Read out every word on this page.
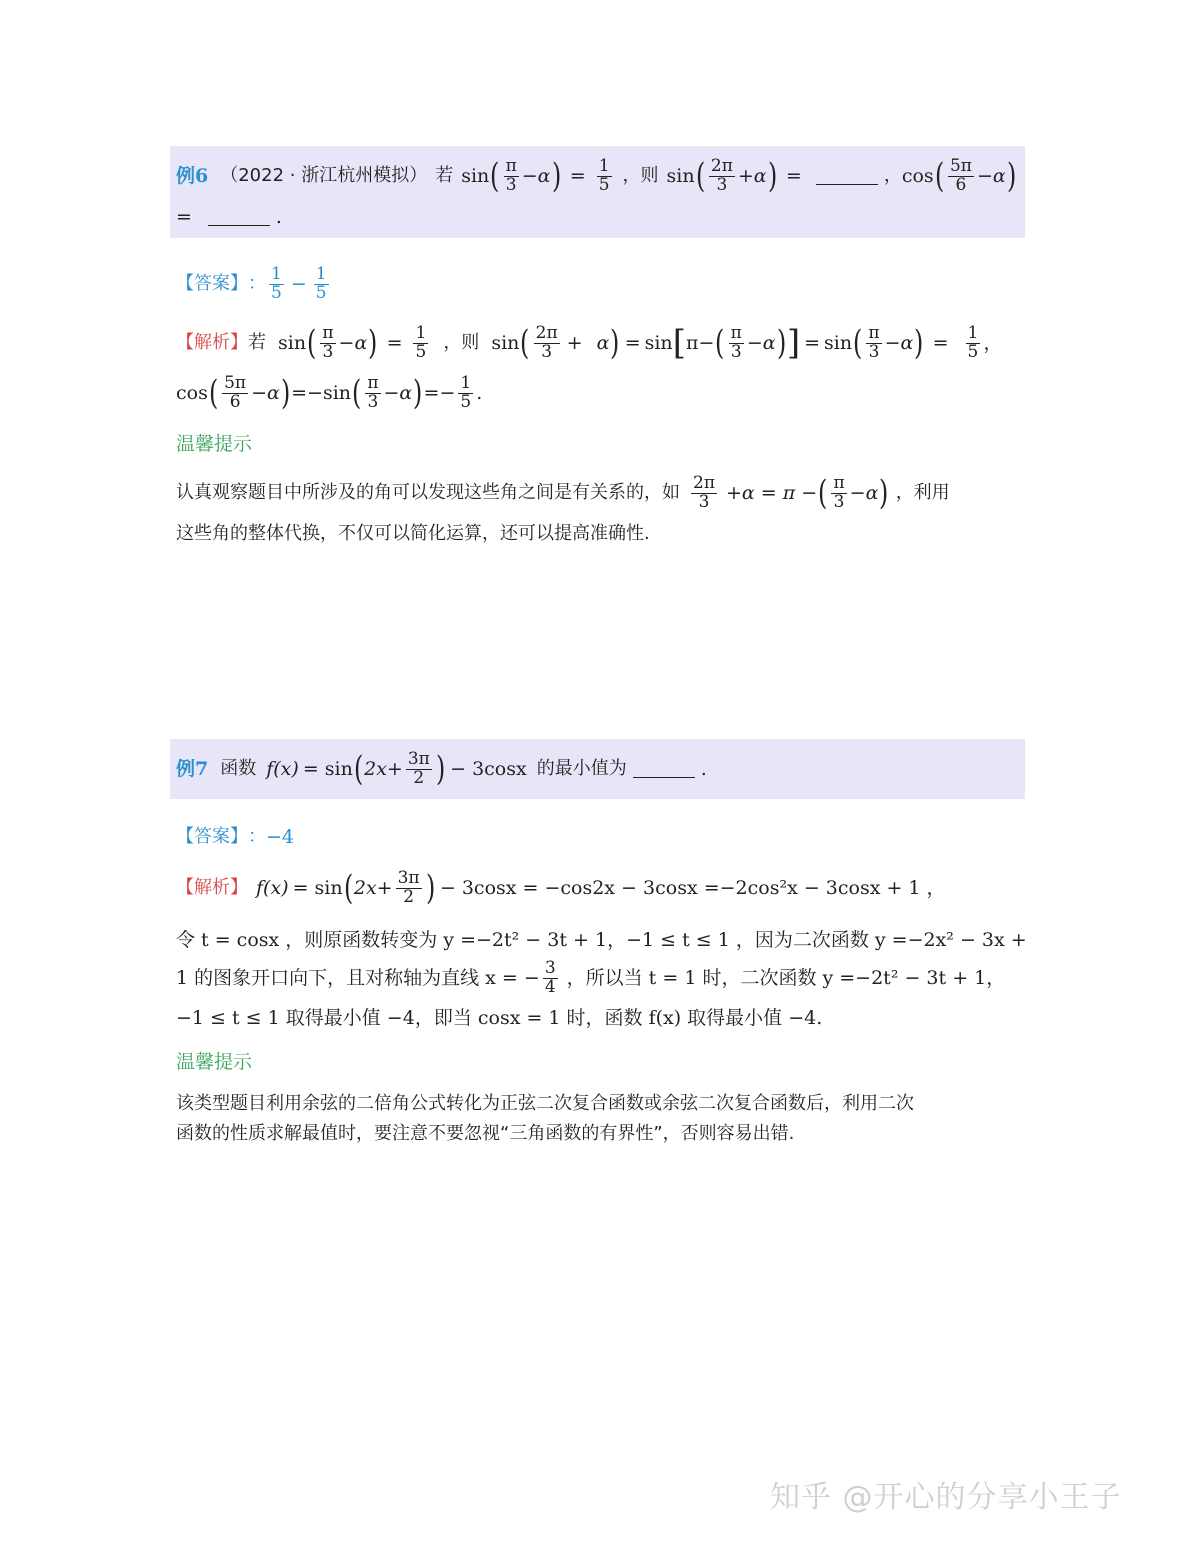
例6 （2022 · 浙江杭州模拟） 若 sin ( $\frac{\pi}{3} -\alpha$ ) = $\frac{1}{5}$ ，则 sin ( $\frac{2\pi}{3} +\alpha$ ) =	， cos ( $\frac{5\pi}{6} -\alpha$ )
=	.
【答案】 ： $\frac{1}{5} - \frac{1}{5}$
【解析】 若 sin ( $\frac{\pi}{3} -\alpha$ ) = $\frac{1}{5}$ ，则 sin ( $\frac{2\pi}{3} + \alpha$ ) = sin [ π− ( $\frac{\pi}{3} -\alpha$ ) ] = sin ( $\frac{\pi}{3} -\alpha$ ) = $\frac{1}{5}$ ，
cos ( $\frac{5\pi}{6} -\alpha$ ) =− sin ( $\frac{\pi}{3} -\alpha$ ) =− $\frac{1}{5}$ .
温馨提示
认真观察题目中所涉及的角可以发现这些角之间是有关系的，如 $\frac{2\pi}{3} +\alpha = \pi$ − ( $\frac{\pi}{3} -\alpha$ ) ，利用
这些角的整体代换，不仅可以简化运算，还可以提高准确性.
例7 函数 f(x) = sin ( $2x+ \frac{3\pi}{2}$ ) − 3cosx 的最小值为	.
【答案】 ： −4
【解析】 f(x) = sin ( $2x+ \frac{3\pi}{2}$ ) − 3cosx = −cos2x − 3cosx =−2cos²x − 3cosx + 1 ，
令 t = cosx ，则原函数转变为 y =−2t² − 3t + 1，−1 ≤ t ≤ 1 ，因为二次函数 y =−2x² − 3x +
1 的图象开口向下，且对称轴为直线 x = − $\frac{3}{4}$ ，所以当 t = 1 时，二次函数 y =−2t² − 3t + 1，
−1 ≤ t ≤ 1 取得最小值 −4，即当 cosx = 1 时，函数 f(x) 取得最小值 −4.
温馨提示
该类型题目利用余弦的二倍角公式转化为正弦二次复合函数或余弦二次复合函数后，利用二次
函数的性质求解最值时，要注意不要忽视“三角函数的有界性”，否则容易出错.
知乎 @开心的分享小王子
